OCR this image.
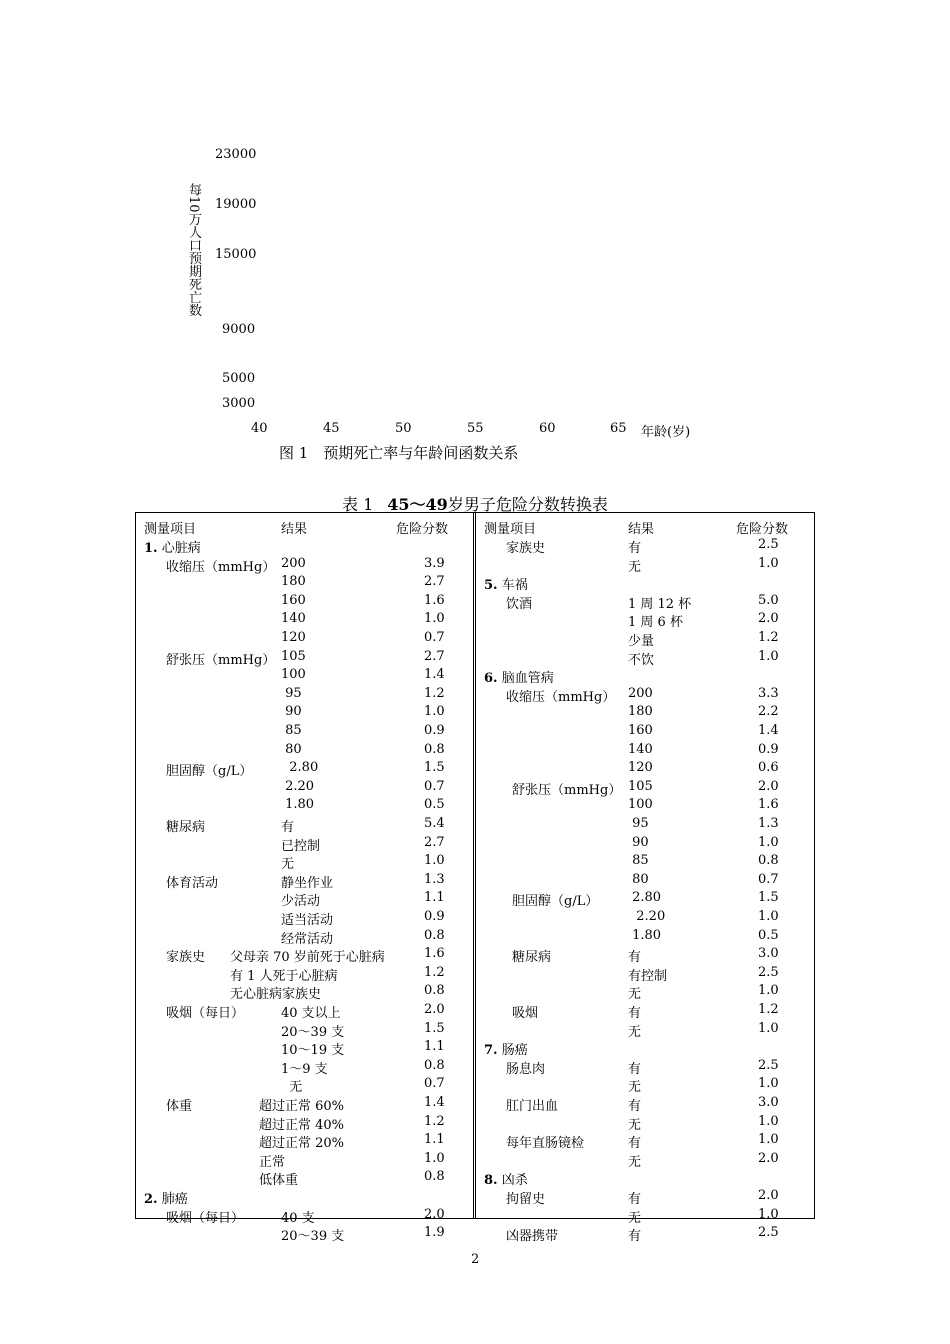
23000
19000
15000
9000
5000
3000
每10万人口预期死亡数
40	45	50	55	60	65 年龄(岁)
图 1　预期死亡率与年龄间函数关系
表 1 45～49岁男子危险分数转换表
测量项目	结果	危险分数	测量项目	结果	危险分数
1. 心脏病
收缩压（mmHg） 200	3.9
180	2.7
160	1.6
140	1.0
120	0.7
舒张压（mmHg） 105	2.7
100	1.4
95	1.2
90	1.0
85	0.9
80	0.8
胆固醇（g/L） 2.80	1.5
2.20	0.7
1.80	0.5
糖尿病	有	5.4
已控制	2.7
无	1.0
体育活动	静坐作业	1.3
少活动	1.1
适当活动	0.9
经常活动	0.8
家族史 父母亲 70 岁前死于心脏病	1.6
有 1 人死于心脏病	1.2
无心脏病家族史	0.8
吸烟（每日）	40 支以上	2.0
20～39 支	1.5
10～19 支	1.1
1～9 支	0.8
无	0.7
体重	超过正常 60%	1.4
超过正常 40%	1.2
超过正常 20%	1.1
正常	1.0
低体重	0.8
2. 肺癌
吸烟（每日）	40 支	2.0
20～39 支	1.9
家族史	有	2.5
无	1.0
5. 车祸
饮酒	1 周 12 杯	5.0
1 周 6 杯	2.0
少量	1.2
不饮	1.0
6. 脑血管病
收缩压（mmHg） 200	3.3
180	2.2
160	1.4
140	0.9
120	0.6
舒张压（mmHg） 105	2.0
100	1.6
95	1.3
90	1.0
85	0.8
80	0.7
胆固醇（g/L） 2.80	1.5
2.20	1.0
1.80	0.5
糖尿病	有	3.0
有控制	2.5
无	1.0
吸烟	有	1.2
无	1.0
7. 肠癌
肠息肉	有	2.5
无	1.0
肛门出血	有	3.0
无	1.0
每年直肠镜检	有	1.0
无	2.0
8. 凶杀
拘留史	有	2.0
无	1.0
凶器携带	有	2.5
2
